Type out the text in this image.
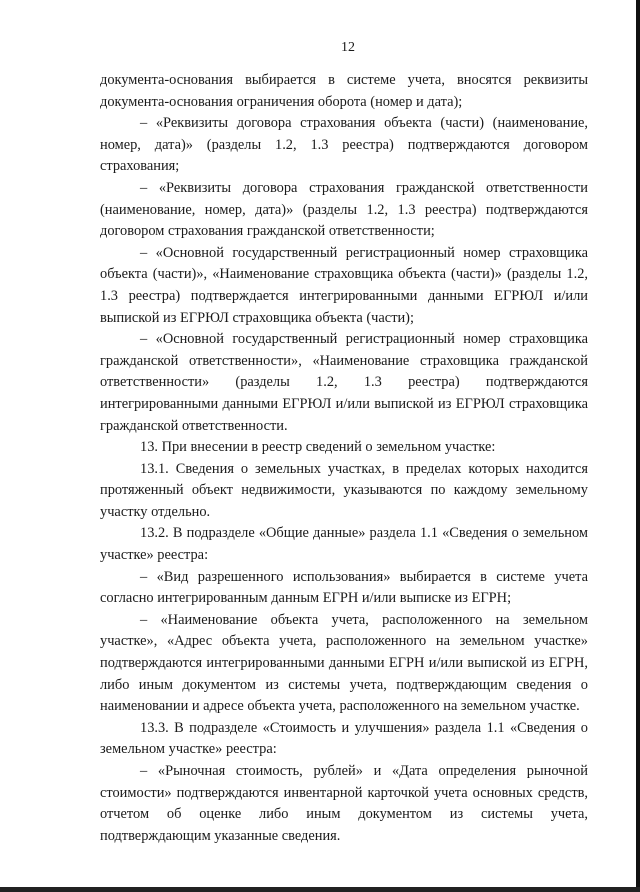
12

документа-основания выбирается в системе учета, вносятся реквизиты документа-основания ограничения оборота (номер и дата);

– «Реквизиты договора страхования объекта (части) (наименование, номер, дата)» (разделы 1.2, 1.3 реестра) подтверждаются договором страхования;

– «Реквизиты договора страхования гражданской ответственности (наименование, номер, дата)» (разделы 1.2, 1.3 реестра) подтверждаются договором страхования гражданской ответственности;

– «Основной государственный регистрационный номер страховщика объекта (части)», «Наименование страховщика объекта (части)» (разделы 1.2, 1.3 реестра) подтверждается интегрированными данными ЕГРЮЛ и/или выпиской из ЕГРЮЛ страховщика объекта (части);

– «Основной государственный регистрационный номер страховщика гражданской ответственности», «Наименование страховщика гражданской ответственности» (разделы 1.2, 1.3 реестра) подтверждаются интегрированными данными ЕГРЮЛ и/или выпиской из ЕГРЮЛ страховщика гражданской ответственности.

13. При внесении в реестр сведений о земельном участке:

13.1. Сведения о земельных участках, в пределах которых находится протяженный объект недвижимости, указываются по каждому земельному участку отдельно.

13.2. В подразделе «Общие данные» раздела 1.1 «Сведения о земельном участке» реестра:

– «Вид разрешенного использования» выбирается в системе учета согласно интегрированным данным ЕГРН и/или выписке из ЕГРН;

– «Наименование объекта учета, расположенного на земельном участке», «Адрес объекта учета, расположенного на земельном участке» подтверждаются интегрированными данными ЕГРН и/или выпиской из ЕГРН, либо иным документом из системы учета, подтверждающим сведения о наименовании и адресе объекта учета, расположенного на земельном участке.

13.3. В подразделе «Стоимость и улучшения» раздела 1.1 «Сведения о земельном участке» реестра:

– «Рыночная стоимость, рублей» и «Дата определения рыночной стоимости» подтверждаются инвентарной карточкой учета основных средств, отчетом об оценке либо иным документом из системы учета, подтверждающим указанные сведения.
